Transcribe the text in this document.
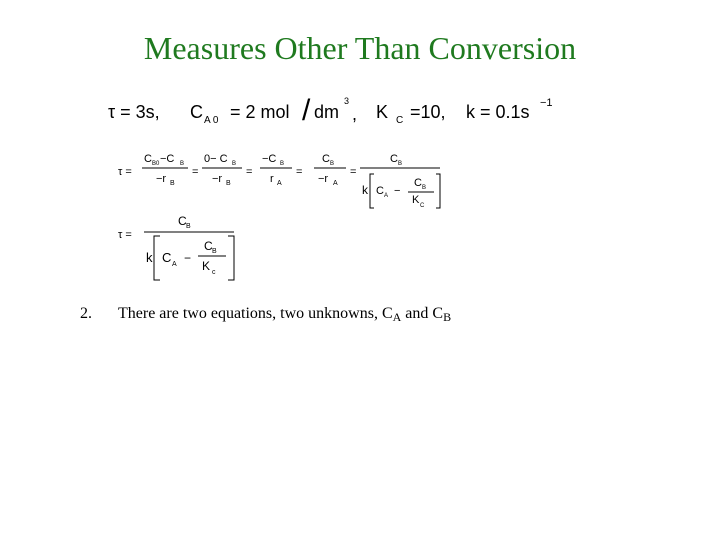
Measures Other Than Conversion
τ = 3s, C A 0 = 2 mol / dm
3
, K C =10, k = 0.1s −1
τ =
C B0 −C B
−r B
=
0− C B
−r B
=
−C B
r A
=
C B
−r A
=
C B
k C A −
C B
K C
τ =
C B
k C A −
C B
K c
2.	There are two equations, two unknowns, $C_A$ and $C_B$
